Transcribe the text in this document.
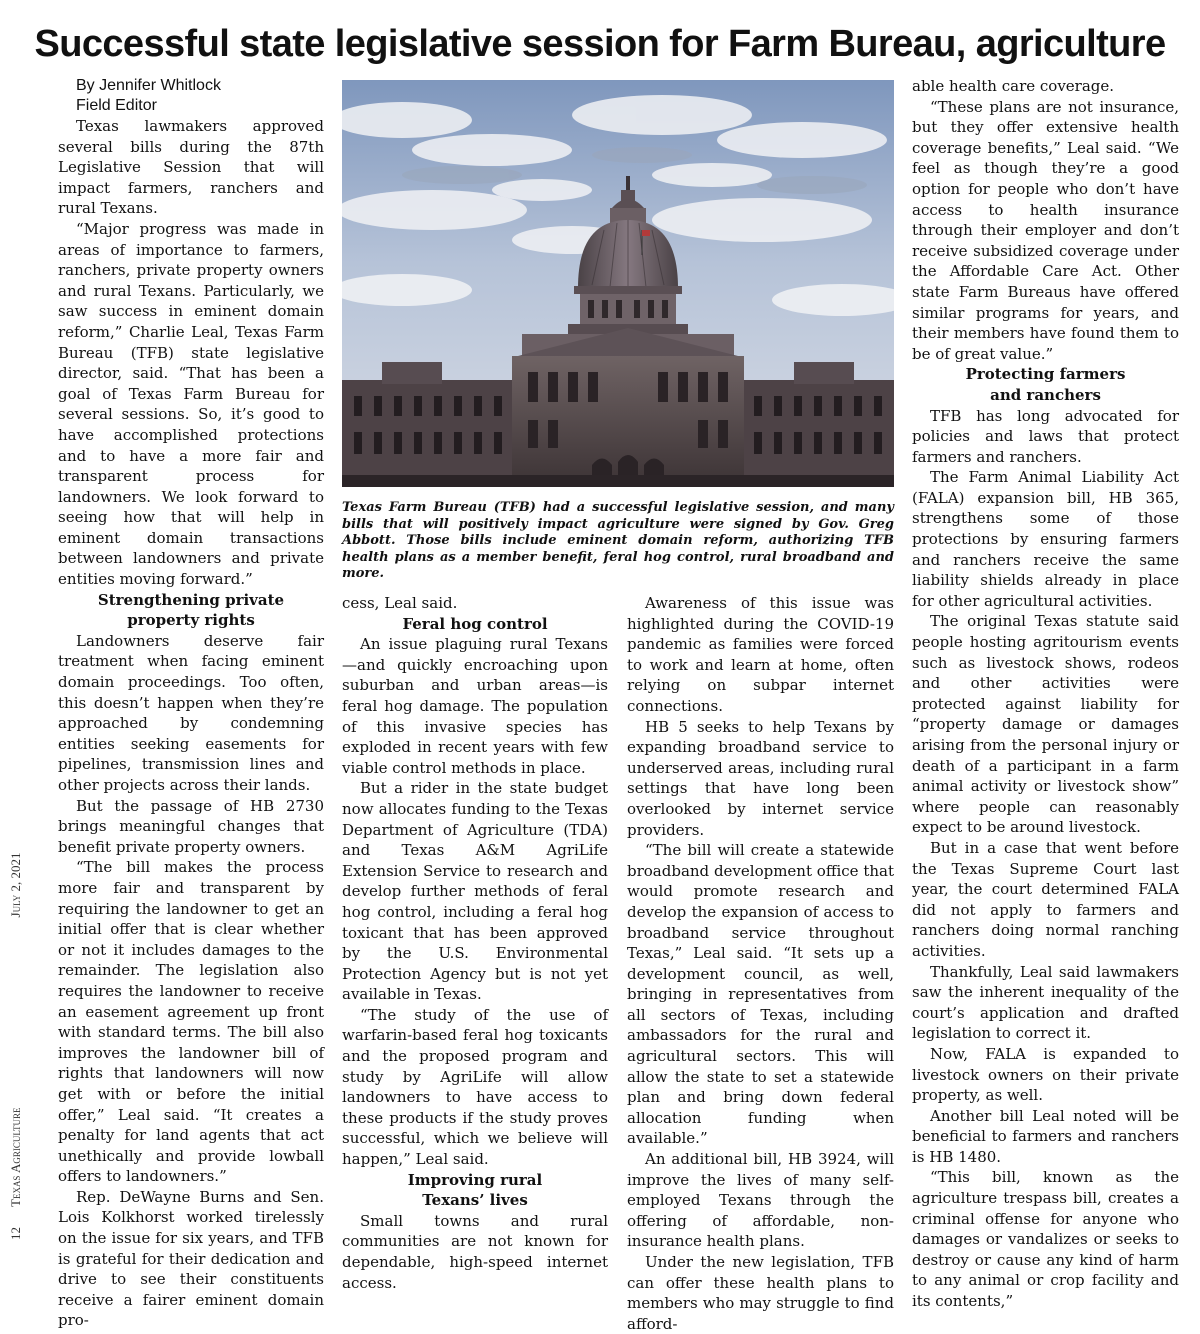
Successful state legislative session for Farm Bureau, agriculture

By Jennifer Whitlock

Field Editor

Texas lawmakers approved several bills during the 87th Legislative Session that will impact farmers, ranchers and rural Texans.

“Major progress was made in areas of importance to farmers, ranchers, private property owners and rural Texans. Particularly, we saw success in eminent domain reform,” Charlie Leal, Texas Farm Bureau (TFB) state legislative director, said. “That has been a goal of Texas Farm Bureau for several sessions. So, it’s good to have accomplished protections and to have a more fair and transparent process for landowners. We look forward to seeing how that will help in eminent domain transactions between landowners and private entities moving forward.”

Strengthening private property rights

Landowners deserve fair treatment when facing eminent domain proceedings. Too often, this doesn’t happen when they’re approached by condemning entities seeking easements for pipelines, transmission lines and other projects across their lands.

But the passage of HB 2730 brings meaningful changes that benefit private property owners.

“The bill makes the process more fair and transparent by requiring the landowner to get an initial offer that is clear whether or not it includes damages to the remainder. The legislation also requires the landowner to receive an easement agreement up front with standard terms. The bill also improves the landowner bill of rights that landowners will now get with or before the initial offer,” Leal said. “It creates a penalty for land agents that act unethically and provide lowball offers to landowners.”

Rep. DeWayne Burns and Sen. Lois Kolkhorst worked tirelessly on the issue for six years, and TFB is grateful for their dedication and drive to see their constituents receive a fairer eminent domain pro-

Texas Farm Bureau (TFB) had a successful legislative session, and many bills that will positively impact agriculture were signed by Gov. Greg Abbott. Those bills include eminent domain reform, authorizing TFB health plans as a member benefit, feral hog control, rural broadband and more.

cess, Leal said.

Feral hog control

An issue plaguing rural Texans—and quickly encroaching upon suburban and urban areas—is feral hog damage. The population of this invasive species has exploded in recent years with few viable control methods in place.

But a rider in the state budget now allocates funding to the Texas Department of Agriculture (TDA) and Texas A&M AgriLife Extension Service to research and develop further methods of feral hog control, including a feral hog toxicant that has been approved by the U.S. Environmental Protection Agency but is not yet available in Texas.

“The study of the use of warfarin-based feral hog toxicants and the proposed program and study by AgriLife will allow landowners to have access to these products if the study proves successful, which we believe will happen,” Leal said.

Improving rural Texans’ lives

Small towns and rural communities are not known for dependable, high-speed internet access.

Awareness of this issue was highlighted during the COVID-19 pandemic as families were forced to work and learn at home, often relying on subpar internet connections.

HB 5 seeks to help Texans by expanding broadband service to underserved areas, including rural settings that have long been overlooked by internet service providers.

“The bill will create a statewide broadband development office that would promote research and develop the expansion of access to broadband service throughout Texas,” Leal said. “It sets up a development council, as well, bringing in representatives from all sectors of Texas, including ambassadors for the rural and agricultural sectors. This will allow the state to set a statewide plan and bring down federal allocation funding when available.”

An additional bill, HB 3924, will improve the lives of many self-employed Texans through the offering of affordable, non-insurance health plans.

Under the new legislation, TFB can offer these health plans to members who may struggle to find afford-

able health care coverage.

“These plans are not insurance, but they offer extensive health coverage benefits,” Leal said. “We feel as though they’re a good option for people who don’t have access to health insurance through their employer and don’t receive subsidized coverage under the Affordable Care Act. Other state Farm Bureaus have offered similar programs for years, and their members have found them to be of great value.”

Protecting farmers and ranchers

TFB has long advocated for policies and laws that protect farmers and ranchers.

The Farm Animal Liability Act (FALA) expansion bill, HB 365, strengthens some of those protections by ensuring farmers and ranchers receive the same liability shields already in place for other agricultural activities.

The original Texas statute said people hosting agritourism events such as livestock shows, rodeos and other activities were protected against liability for “property damage or damages arising from the personal injury or death of a participant in a farm animal activity or livestock show” where people can reasonably expect to be around livestock.

But in a case that went before the Texas Supreme Court last year, the court determined FALA did not apply to farmers and ranchers doing normal ranching activities.

Thankfully, Leal said lawmakers saw the inherent inequality of the court’s application and drafted legislation to correct it.

Now, FALA is expanded to livestock owners on their private property, as well.

Another bill Leal noted will be beneficial to farmers and ranchers is HB 1480.

“This bill, known as the agriculture trespass bill, creates a criminal offense for anyone who damages or vandalizes or seeks to destroy or cause any kind of harm to any animal or crop facility and its contents,”

12Texas AgricultureJuly 2, 2021
